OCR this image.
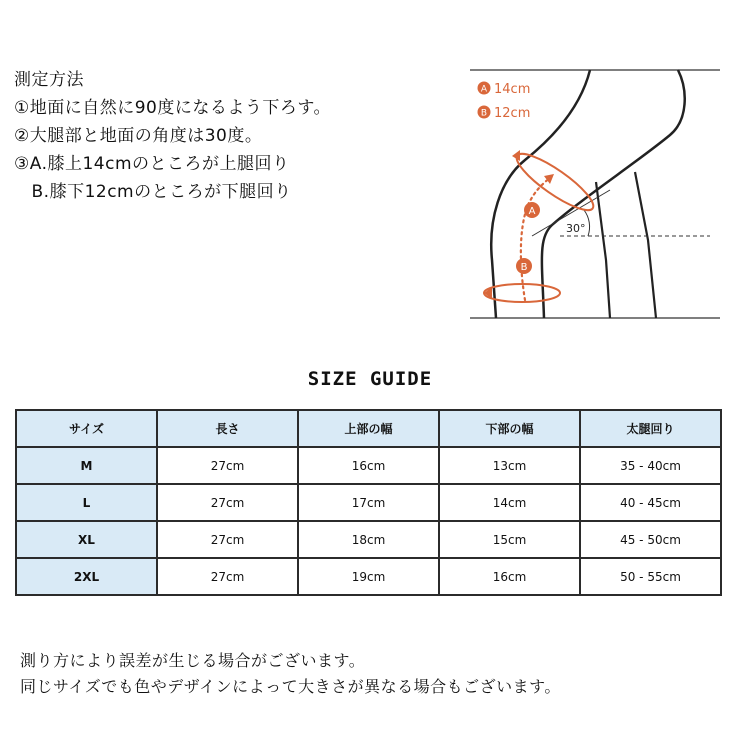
測定方法
①地面に自然に90度になるよう下ろす。
②大腿部と地面の角度は30度。
③A.膝上14cmのところが上腿回り
　B.膝下12cmのところが下腿回り
30°
A 14cm
B 12cm
A
B
SIZE GUIDE
サイズ	長さ	上部の幅	下部の幅	太腿回り
M	27cm	16cm	13cm	35 - 40cm
L	27cm	17cm	14cm	40 - 45cm
XL	27cm	18cm	15cm	45 - 50cm
2XL	27cm	19cm	16cm	50 - 55cm
測り方により誤差が生じる場合がございます。
同じサイズでも色やデザインによって大きさが異なる場合もございます。
